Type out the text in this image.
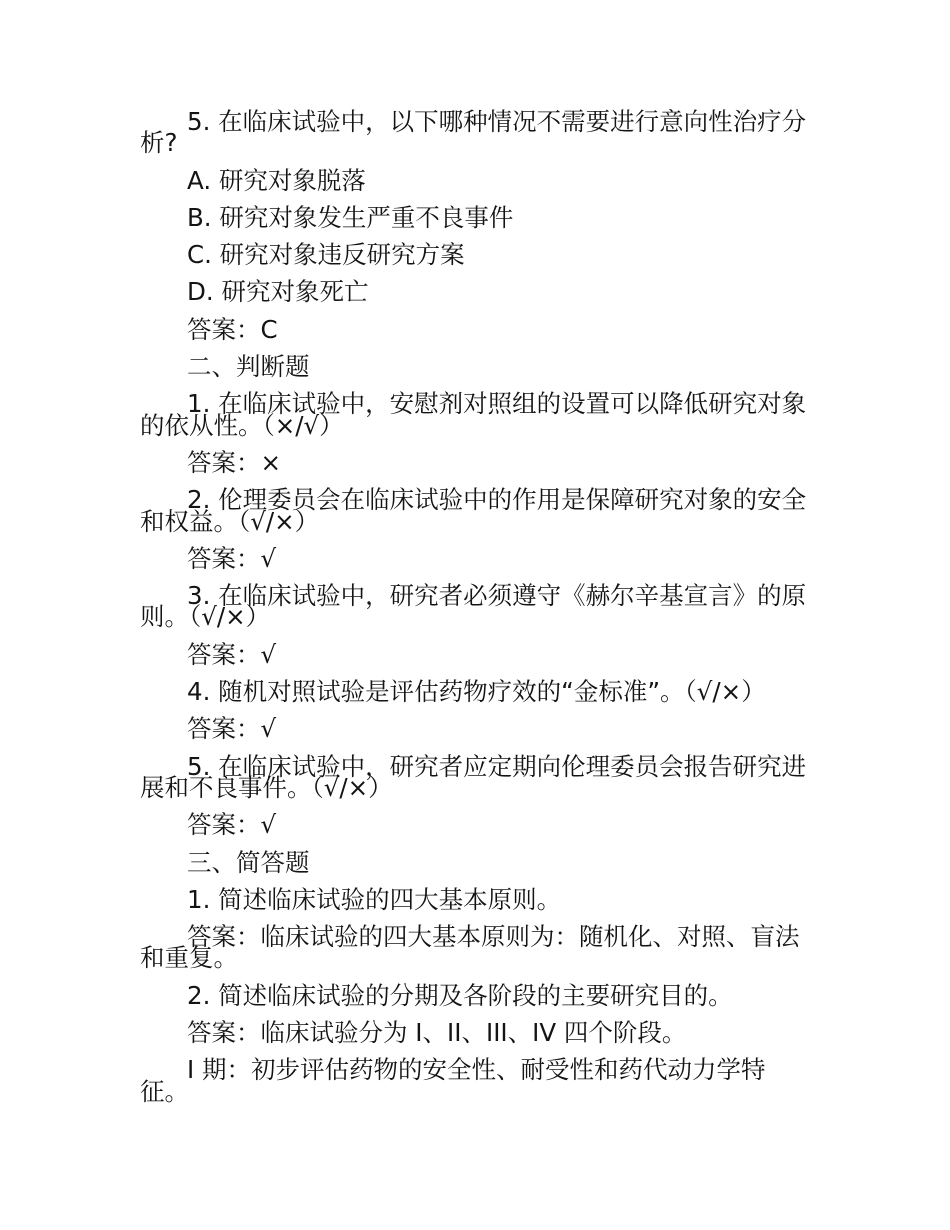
5. 在临床试验中，以下哪种情况不需要进行意向性治疗分
析?
A. 研究对象脱落
B. 研究对象发生严重不良事件
C. 研究对象违反研究方案
D. 研究对象死亡
答案：C
二、判断题
1. 在临床试验中，安慰剂对照组的设置可以降低研究对象
的依从性。（×/√）
答案：×
2. 伦理委员会在临床试验中的作用是保障研究对象的安全
和权益。（√/×）
答案：√
3. 在临床试验中，研究者必须遵守《赫尔辛基宣言》的原
则。（√/×）
答案：√
4. 随机对照试验是评估药物疗效的“金标准”。（√/×）
答案：√
5. 在临床试验中，研究者应定期向伦理委员会报告研究进
展和不良事件。（√/×）
答案：√
三、简答题
1. 简述临床试验的四大基本原则。
答案：临床试验的四大基本原则为：随机化、对照、盲法
和重复。
2. 简述临床试验的分期及各阶段的主要研究目的。
答案：临床试验分为 I、II、III、IV 四个阶段。
I 期：初步评估药物的安全性、耐受性和药代动力学特
征。
